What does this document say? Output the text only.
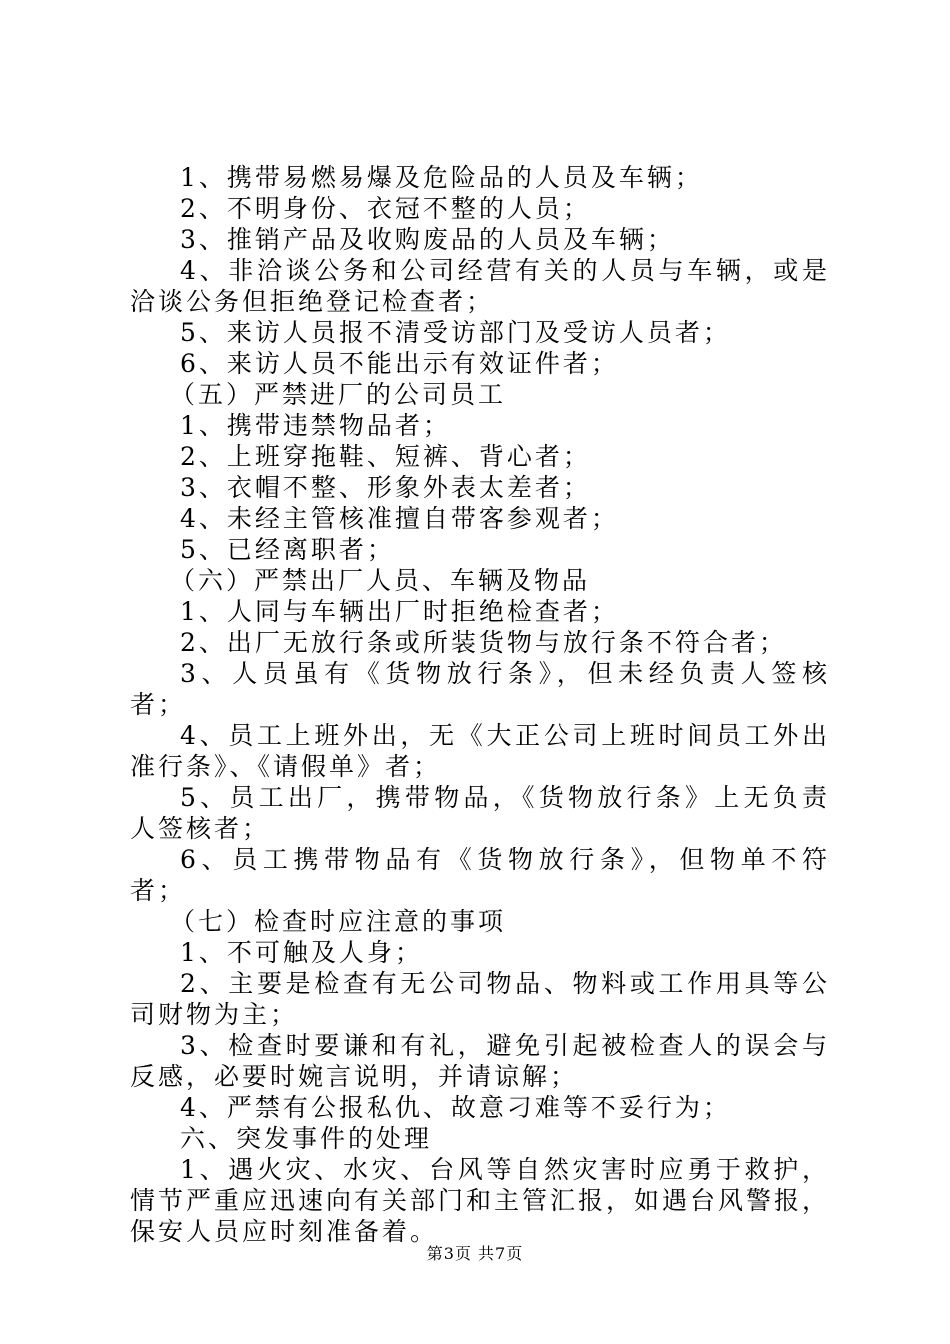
1、携带易燃易爆及危险品的人员及车辆；

2、不明身份、衣冠不整的人员；

3、推销产品及收购废品的人员及车辆；

4、非洽谈公务和公司经营有关的人员与车辆，或是洽谈公务但拒绝登记检查者；

5、来访人员报不清受访部门及受访人员者；

6、来访人员不能出示有效证件者；

（五）严禁进厂的公司员工

1、携带违禁物品者；

2、上班穿拖鞋、短裤、背心者；

3、衣帽不整、形象外表太差者；

4、未经主管核准擅自带客参观者；

5、已经离职者；

（六）严禁出厂人员、车辆及物品

1、人同与车辆出厂时拒绝检查者；

2、出厂无放行条或所装货物与放行条不符合者；

3、人员虽有《货物放行条》，但未经负责人签核者；

4、员工上班外出，无《大正公司上班时间员工外出准行条》、《请假单》者；

5、员工出厂，携带物品，《货物放行条》上无负责人签核者；

6、员工携带物品有《货物放行条》，但物单不符者；

（七）检查时应注意的事项

1、不可触及人身；

2、主要是检查有无公司物品、物料或工作用具等公司财物为主；

3、检查时要谦和有礼，避免引起被检查人的误会与反感，必要时婉言说明，并请谅解；

4、严禁有公报私仇、故意刁难等不妥行为；

六、突发事件的处理

1、遇火灾、水灾、台风等自然灾害时应勇于救护，情节严重应迅速向有关部门和主管汇报，如遇台风警报，保安人员应时刻准备着。

第3页 共7页
